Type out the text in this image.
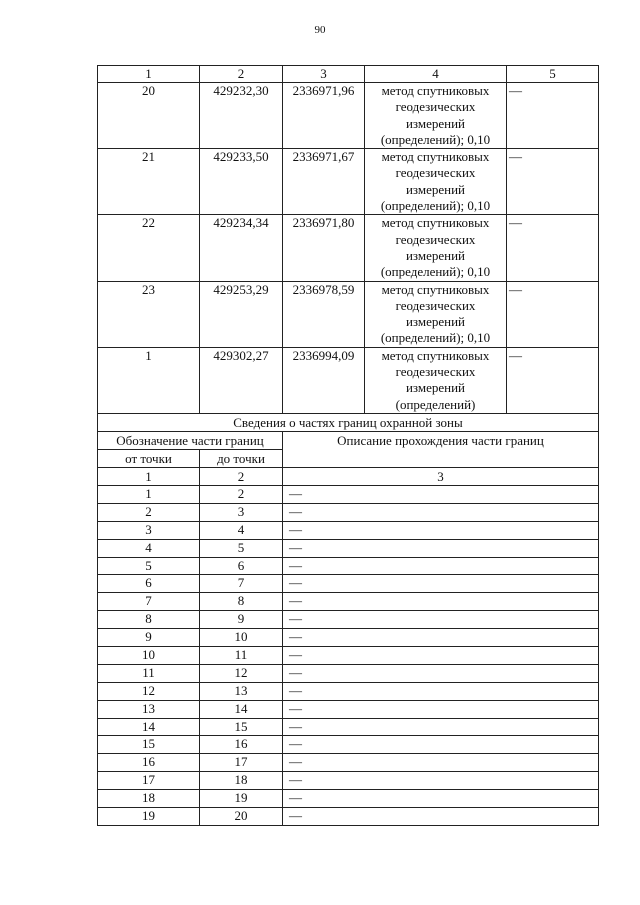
90
1	2	3	4	5
20	429232,30	2336971,96	метод спутниковых геодезических измерений (определений); 0,10	—
21	429233,50	2336971,67	метод спутниковых геодезических измерений (определений); 0,10	—
22	429234,34	2336971,80	метод спутниковых геодезических измерений (определений); 0,10	—
23	429253,29	2336978,59	метод спутниковых геодезических измерений (определений); 0,10	—
1	429302,27	2336994,09	метод спутниковых геодезических измерений (определений)	—
Сведения о частях границ охранной зоны				
Обозначение части границ		Описание прохождения части границ		
от точки	до точки			
1	2	3		
1	2	—		
2	3	—		
3	4	—		
4	5	—		
5	6	—		
6	7	—		
7	8	—		
8	9	—		
9	10	—		
10	11	—		
11	12	—		
12	13	—		
13	14	—		
14	15	—		
15	16	—		
16	17	—		
17	18	—		
18	19	—		
19	20	—		
